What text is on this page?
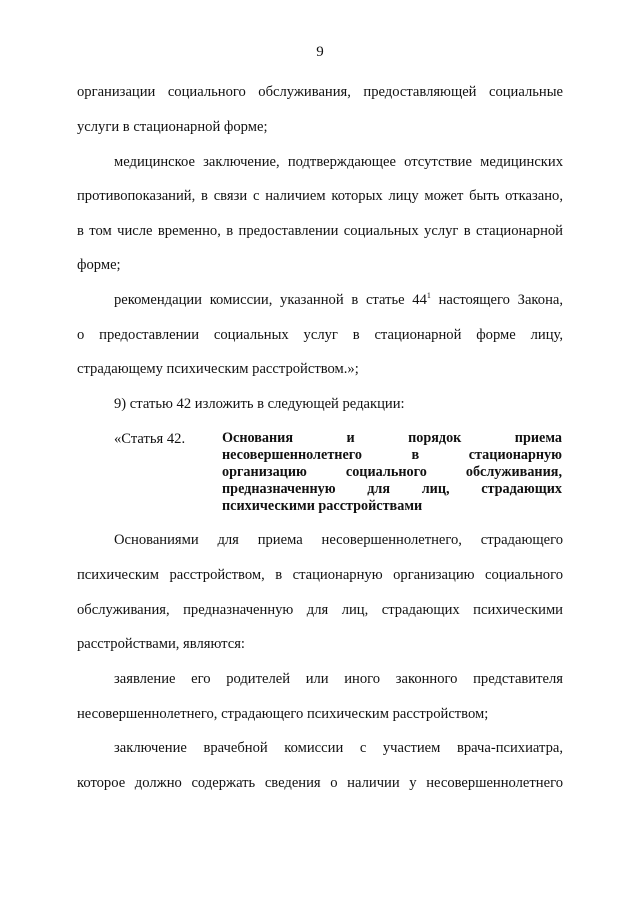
9
организации социального обслуживания, предоставляющей социальные
услуги в стационарной форме;
медицинское заключение, подтверждающее отсутствие медицинских
противопоказаний, в связи с наличием которых лицу может быть отказано,
в том числе временно, в предоставлении социальных услуг в стационарной
форме;
рекомендации комиссии, указанной в статье $44^1$ настоящего Закона,
о предоставлении социальных услуг в стационарной форме лицу,
страдающему психическим расстройством.»;
9) статью 42 изложить в следующей редакции:
«Статья 42.	Основания и порядок приема
несовершеннолетнего в стационарную
организацию социального обслуживания,
предназначенную для лиц, страдающих
психическими расстройствами
Основаниями для приема несовершеннолетнего, страдающего
психическим расстройством, в стационарную организацию социального
обслуживания, предназначенную для лиц, страдающих психическими
расстройствами, являются:
заявление его родителей или иного законного представителя
несовершеннолетнего, страдающего психическим расстройством;
заключение врачебной комиссии с участием врача-психиатра,
которое должно содержать сведения о наличии у несовершеннолетнего
